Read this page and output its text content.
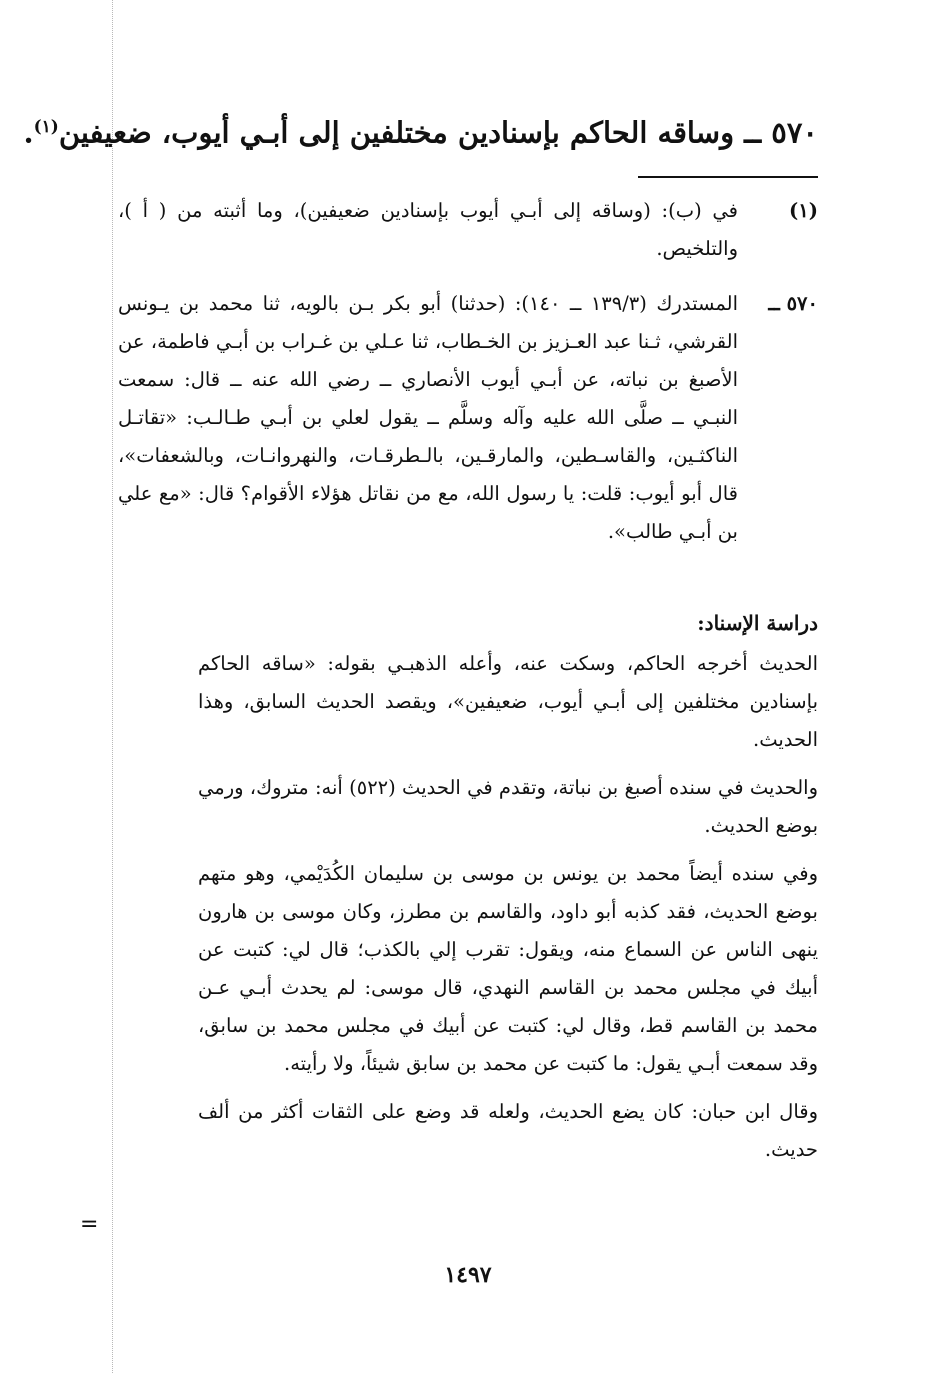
=
٥٧٠ ــ وساقه الحاكم بإسنادين مختلفين إلى أبـي أيوب، ضعيفين$^{(١)}$.
(١)
في (ب): (وساقه إلى أبـي أيوب بإسنادين ضعيفين)، وما أثبته من ( أ )، والتلخيص.
٥٧٠ ــ
المستدرك (١٣٩/٣ ــ ١٤٠): (حدثنا) أبو بكر بـن بالويه، ثنا محمد بن يـونس القرشي، ثـنا عبد العـزيز بن الخـطاب، ثنا عـلي بن غـراب بن أبـي فاطمة، عن الأصبغ بن نباته، عن أبـي أيوب الأنصاري ــ رضي الله عنه ــ قال: سمعت النبـي ــ صلَّى الله عليه وآله وسلَّم ــ يقول لعلي بن أبـي طـالـب: «تقاتـل الناكثـين، والقاسـطين، والمارقـين، بالـطرقـات، والنهروانـات، وبالشعفات»، قال أبو أيوب: قلت: يا رسول الله، مع من نقاتل هؤلاء الأقوام؟ قال: «مع علي بن أبـي طالب».
دراسة الإسناد:

الحديث أخرجه الحاكم، وسكت عنه، وأعله الذهبـي بقوله: «ساقه الحاكم بإسنادين مختلفين إلى أبـي أيوب، ضعيفين»، ويقصد الحديث السابق، وهذا الحديث.

والحديث في سنده أصبغ بن نباتة، وتقدم في الحديث (٥٢٢) أنه: متروك، ورمي بوضع الحديث.

وفي سنده أيضاً محمد بن يونس بن موسى بن سليمان الكُدَيْمي، وهو متهم بوضع الحديث، فقد كذبه أبو داود، والقاسم بن مطرز، وكان موسى بن هارون ينهى الناس عن السماع منه، ويقول: تقرب إلي بالكذب؛ قال لي: كتبت عن أبيك في مجلس محمد بن القاسم النهدي، قال موسى: لم يحدث أبـي عـن محمد بن القاسم قط، وقال لي: كتبت عن أبيك في مجلس محمد بن سابق، وقد سمعت أبـي يقول: ما كتبت عن محمد بن سابق شيئاً، ولا رأيته.

وقال ابن حبان: كان يضع الحديث، ولعله قد وضع على الثقات أكثر من ألف حديث.

١٤٩٧
